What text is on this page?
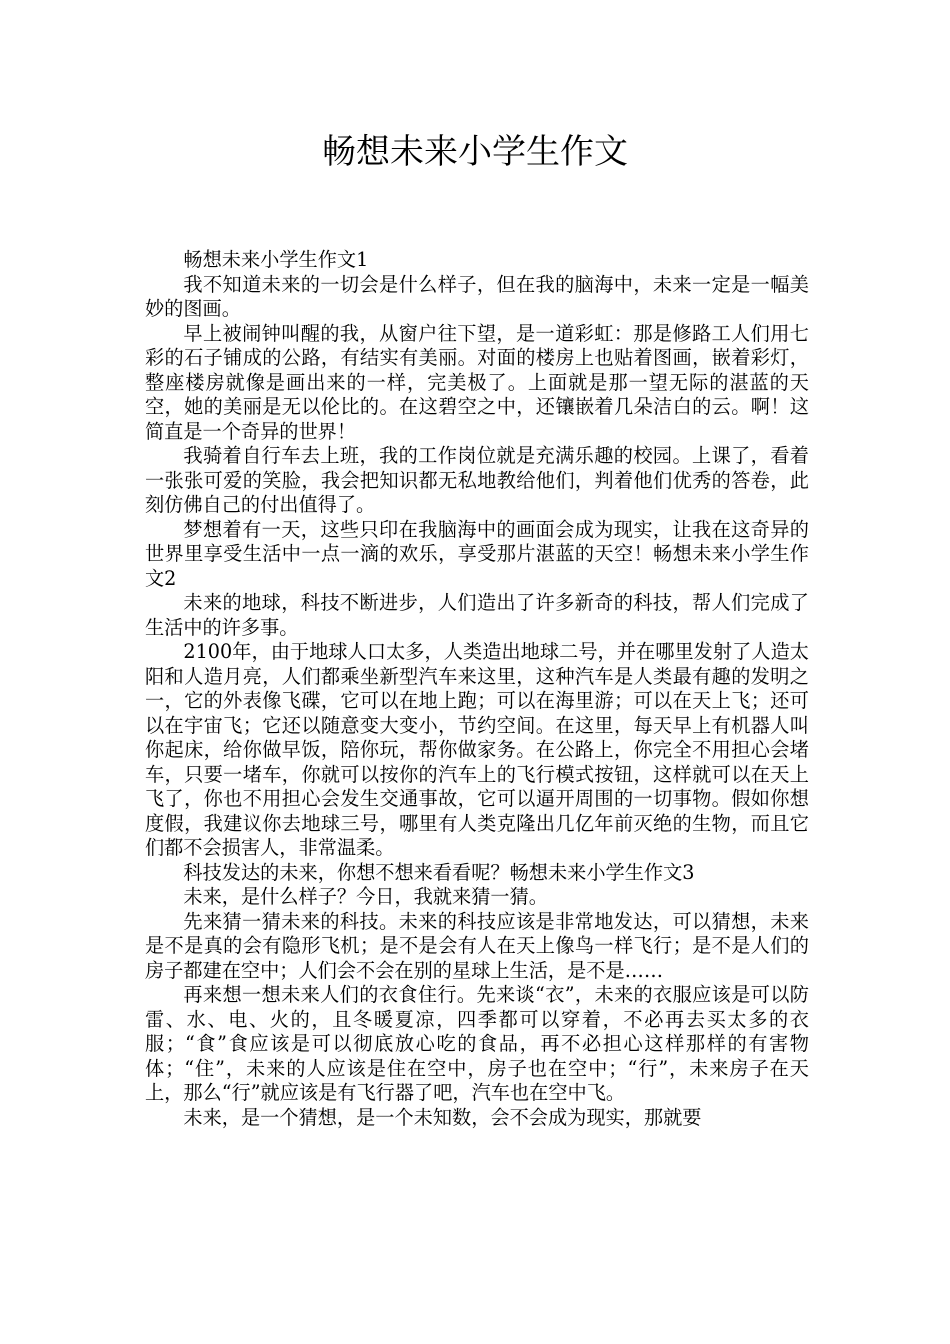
畅想未来小学生作文

畅想未来小学生作文1

我不知道未来的一切会是什么样子，但在我的脑海中，未来一定是一幅美妙的图画。

早上被闹钟叫醒的我，从窗户往下望，是一道彩虹：那是修路工人们用七彩的石子铺成的公路，有结实有美丽。对面的楼房上也贴着图画，嵌着彩灯，整座楼房就像是画出来的一样，完美极了。上面就是那一望无际的湛蓝的天空，她的美丽是无以伦比的。在这碧空之中，还镶嵌着几朵洁白的云。啊！这简直是一个奇异的世界！

我骑着自行车去上班，我的工作岗位就是充满乐趣的校园。上课了，看着一张张可爱的笑脸，我会把知识都无私地教给他们，判着他们优秀的答卷，此刻仿佛自己的付出值得了。

梦想着有一天，这些只印在我脑海中的画面会成为现实，让我在这奇异的世界里享受生活中一点一滴的欢乐，享受那片湛蓝的天空！畅想未来小学生作文2

未来的地球，科技不断进步，人们造出了许多新奇的科技，帮人们完成了生活中的许多事。

2100年，由于地球人口太多，人类造出地球二号，并在哪里发射了人造太阳和人造月亮，人们都乘坐新型汽车来这里，这种汽车是人类最有趣的发明之一，它的外表像飞碟，它可以在地上跑；可以在海里游；可以在天上飞；还可以在宇宙飞；它还以随意变大变小，节约空间。在这里，每天早上有机器人叫你起床，给你做早饭，陪你玩，帮你做家务。在公路上，你完全不用担心会堵车，只要一堵车，你就可以按你的汽车上的飞行模式按钮，这样就可以在天上飞了，你也不用担心会发生交通事故，它可以逼开周围的一切事物。假如你想度假，我建议你去地球三号，哪里有人类克隆出几亿年前灭绝的生物，而且它们都不会损害人，非常温柔。

科技发达的未来，你想不想来看看呢？畅想未来小学生作文3

未来，是什么样子？今日，我就来猜一猜。

先来猜一猜未来的科技。未来的科技应该是非常地发达，可以猜想，未来是不是真的会有隐形飞机；是不是会有人在天上像鸟一样飞行；是不是人们的房子都建在空中；人们会不会在别的星球上生活，是不是……

再来想一想未来人们的衣食住行。先来谈“衣”，未来的衣服应该是可以防雷、水、电、火的，且冬暖夏凉，四季都可以穿着，不必再去买太多的衣服；“食”食应该是可以彻底放心吃的食品，再不必担心这样那样的有害物体；“住”，未来的人应该是住在空中，房子也在空中；“行”，未来房子在天上，那么“行”就应该是有飞行器了吧，汽车也在空中飞。

未来，是一个猜想，是一个未知数，会不会成为现实，那就要
